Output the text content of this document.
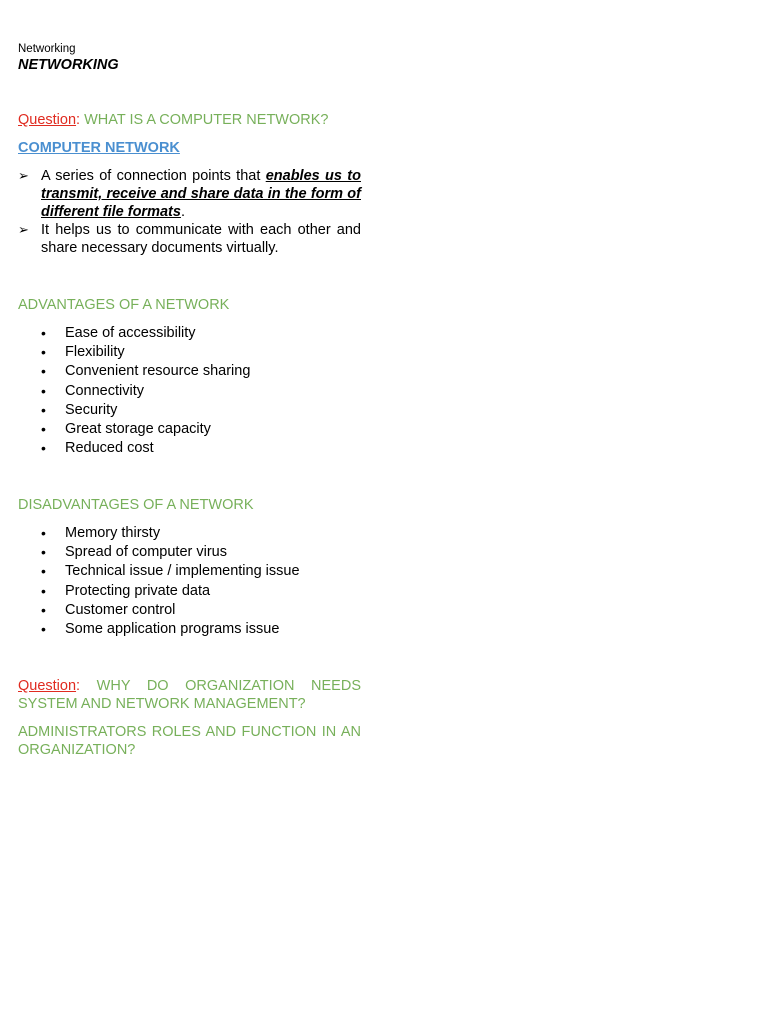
Networking
NETWORKING
Question: WHAT IS A COMPUTER NETWORK?
COMPUTER NETWORK
➢ A series of connection points that enables us to transmit, receive and share data in the form of different file formats.
➢ It helps us to communicate with each other and share necessary documents virtually.
ADVANTAGES OF A NETWORK
• Ease of accessibility
• Flexibility
• Convenient resource sharing
• Connectivity
• Security
• Great storage capacity
• Reduced cost
DISADVANTAGES OF A NETWORK
• Memory thirsty
• Spread of computer virus
• Technical issue / implementing issue
• Protecting private data
• Customer control
• Some application programs issue
Question: WHY DO ORGANIZATION NEEDS SYSTEM AND NETWORK MANAGEMENT?
ADMINISTRATORS ROLES AND FUNCTION IN AN ORGANIZATION?
